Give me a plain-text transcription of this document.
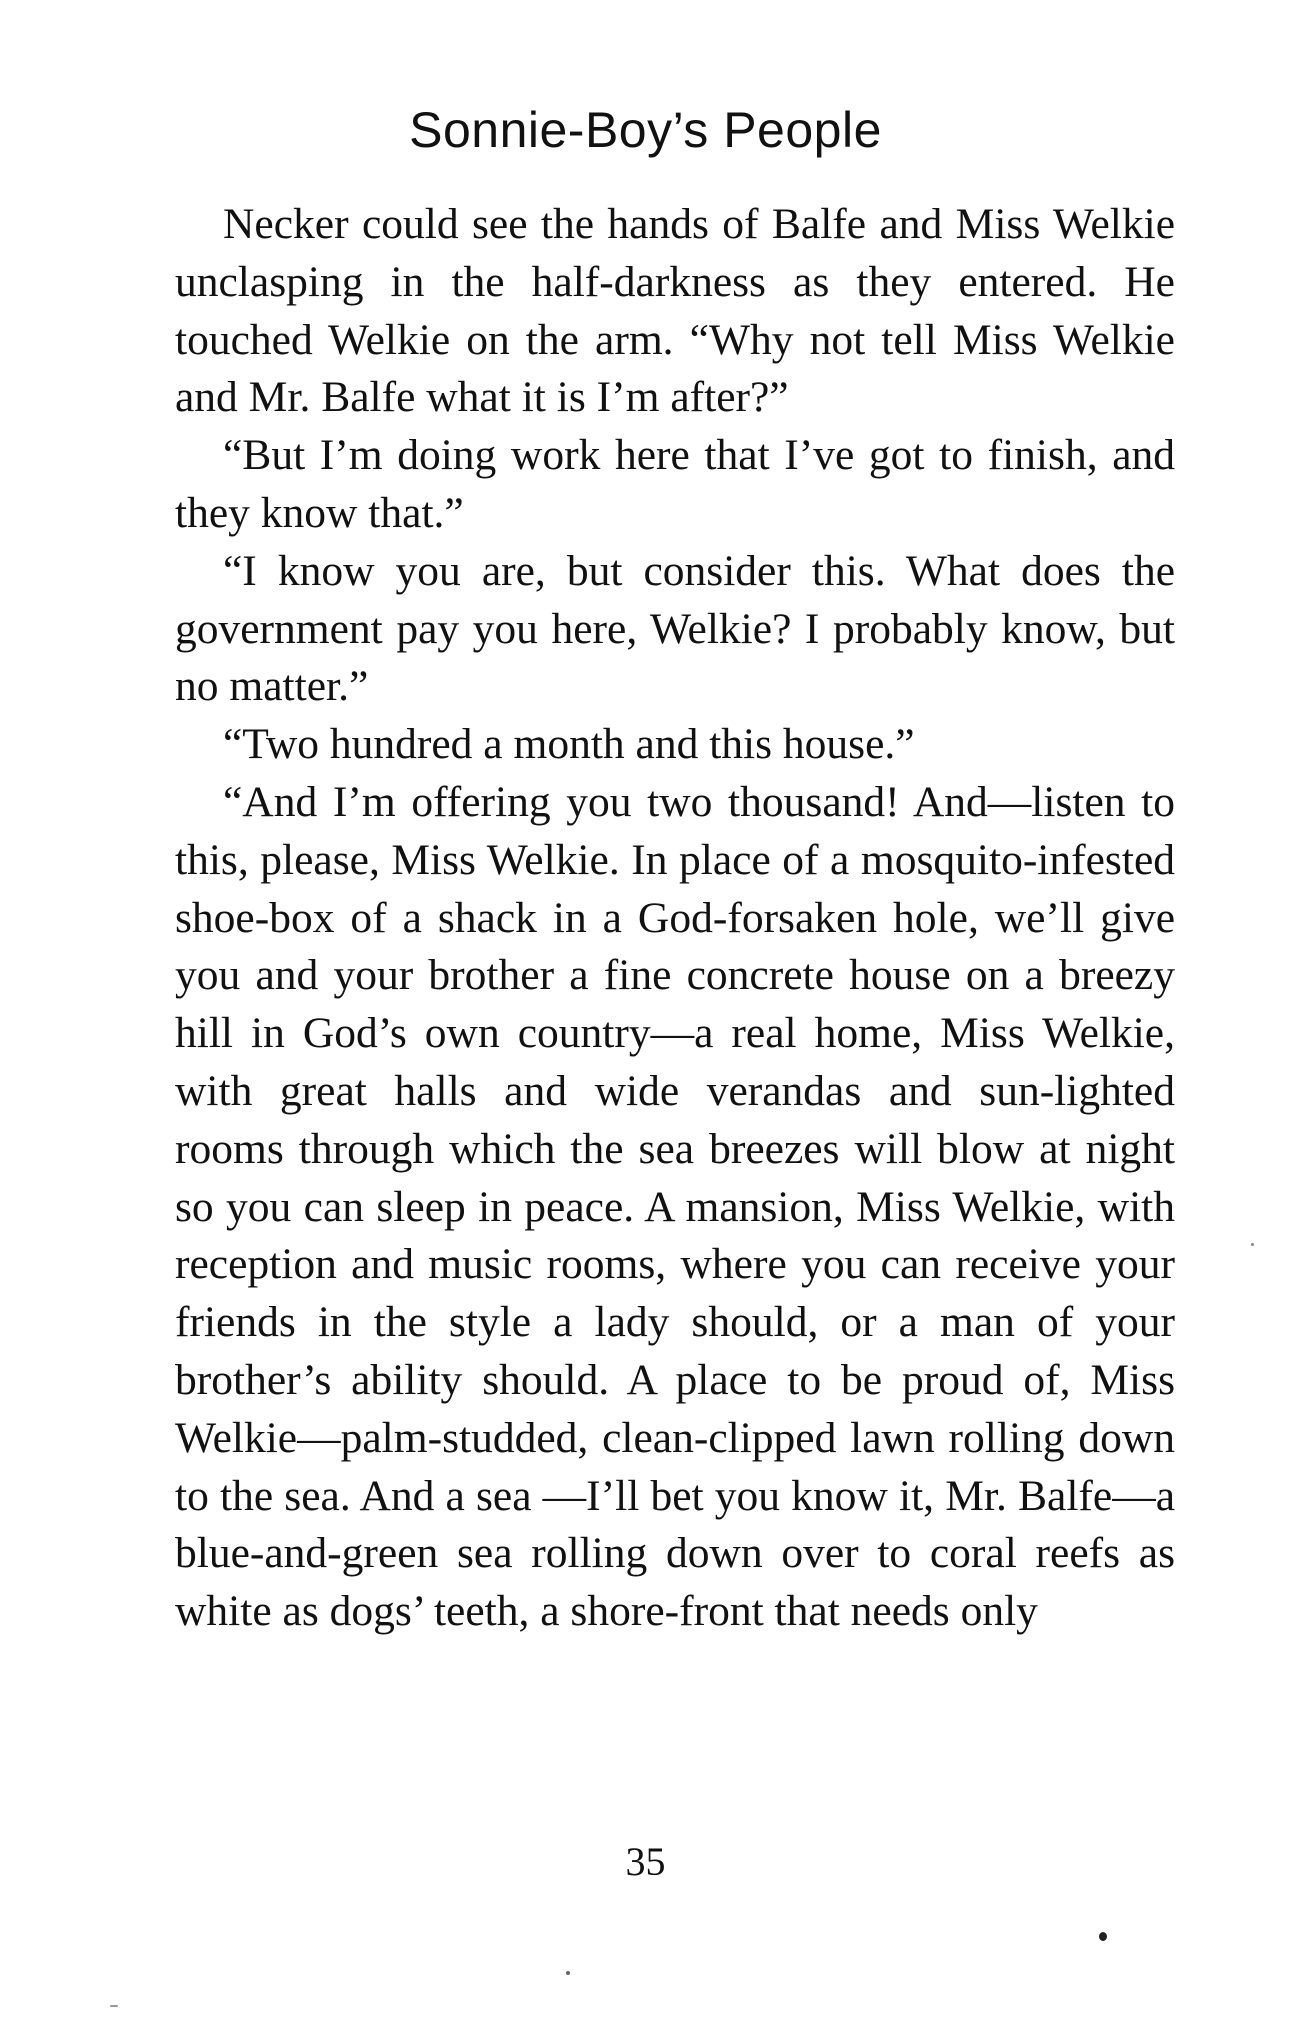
Sonnie-Boy’s People

Necker could see the hands of Balfe and Miss Welkie unclasping in the half-darkness as they entered. He touched Welkie on the arm. “Why not tell Miss Welkie and Mr. Balfe what it is I’m after?”

“But I’m doing work here that I’ve got to finish, and they know that.”

“I know you are, but consider this. What does the government pay you here, Welkie? I probably know, but no matter.”

“Two hundred a month and this house.”

“And I’m offering you two thousand! And—listen to this, please, Miss Welkie. In place of a mosquito-infested shoe-box of a shack in a God-forsaken hole, we’ll give you and your brother a fine concrete house on a breezy hill in God’s own country—a real home, Miss Welkie, with great halls and wide verandas and sun-lighted rooms through which the sea breezes will blow at night so you can sleep in peace. A mansion, Miss Welkie, with reception and music rooms, where you can receive your friends in the style a lady should, or a man of your brother’s ability should. A place to be proud of, Miss Welkie—palm-studded, clean-clipped lawn rolling down to the sea. And a sea —I’ll bet you know it, Mr. Balfe—a blue-and-green sea rolling down over to coral reefs as white as dogs’ teeth, a shore-front that needs only

35
